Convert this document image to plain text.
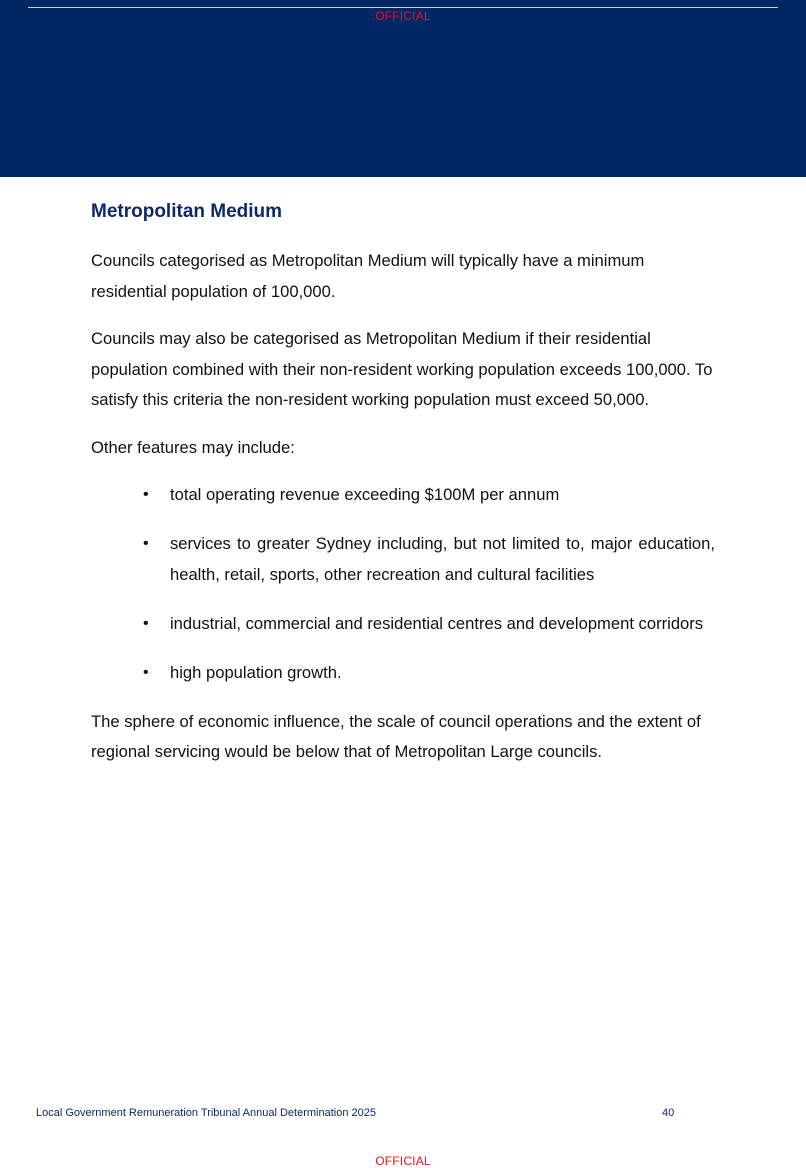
OFFICIAL
Metropolitan Medium

Councils categorised as Metropolitan Medium will typically have a minimum residential population of 100,000.

Councils may also be categorised as Metropolitan Medium if their residential population combined with their non-resident working population exceeds 100,000. To satisfy this criteria the non-resident working population must exceed 50,000.

Other features may include:

• total operating revenue exceeding $100M per annum
• services to greater Sydney including, but not limited to, major education, health, retail, sports, other recreation and cultural facilities
• industrial, commercial and residential centres and development corridors
• high population growth.

The sphere of economic influence, the scale of council operations and the extent of regional servicing would be below that of Metropolitan Large councils.

Local Government Remuneration Tribunal Annual Determination 2025	40
OFFICIAL
